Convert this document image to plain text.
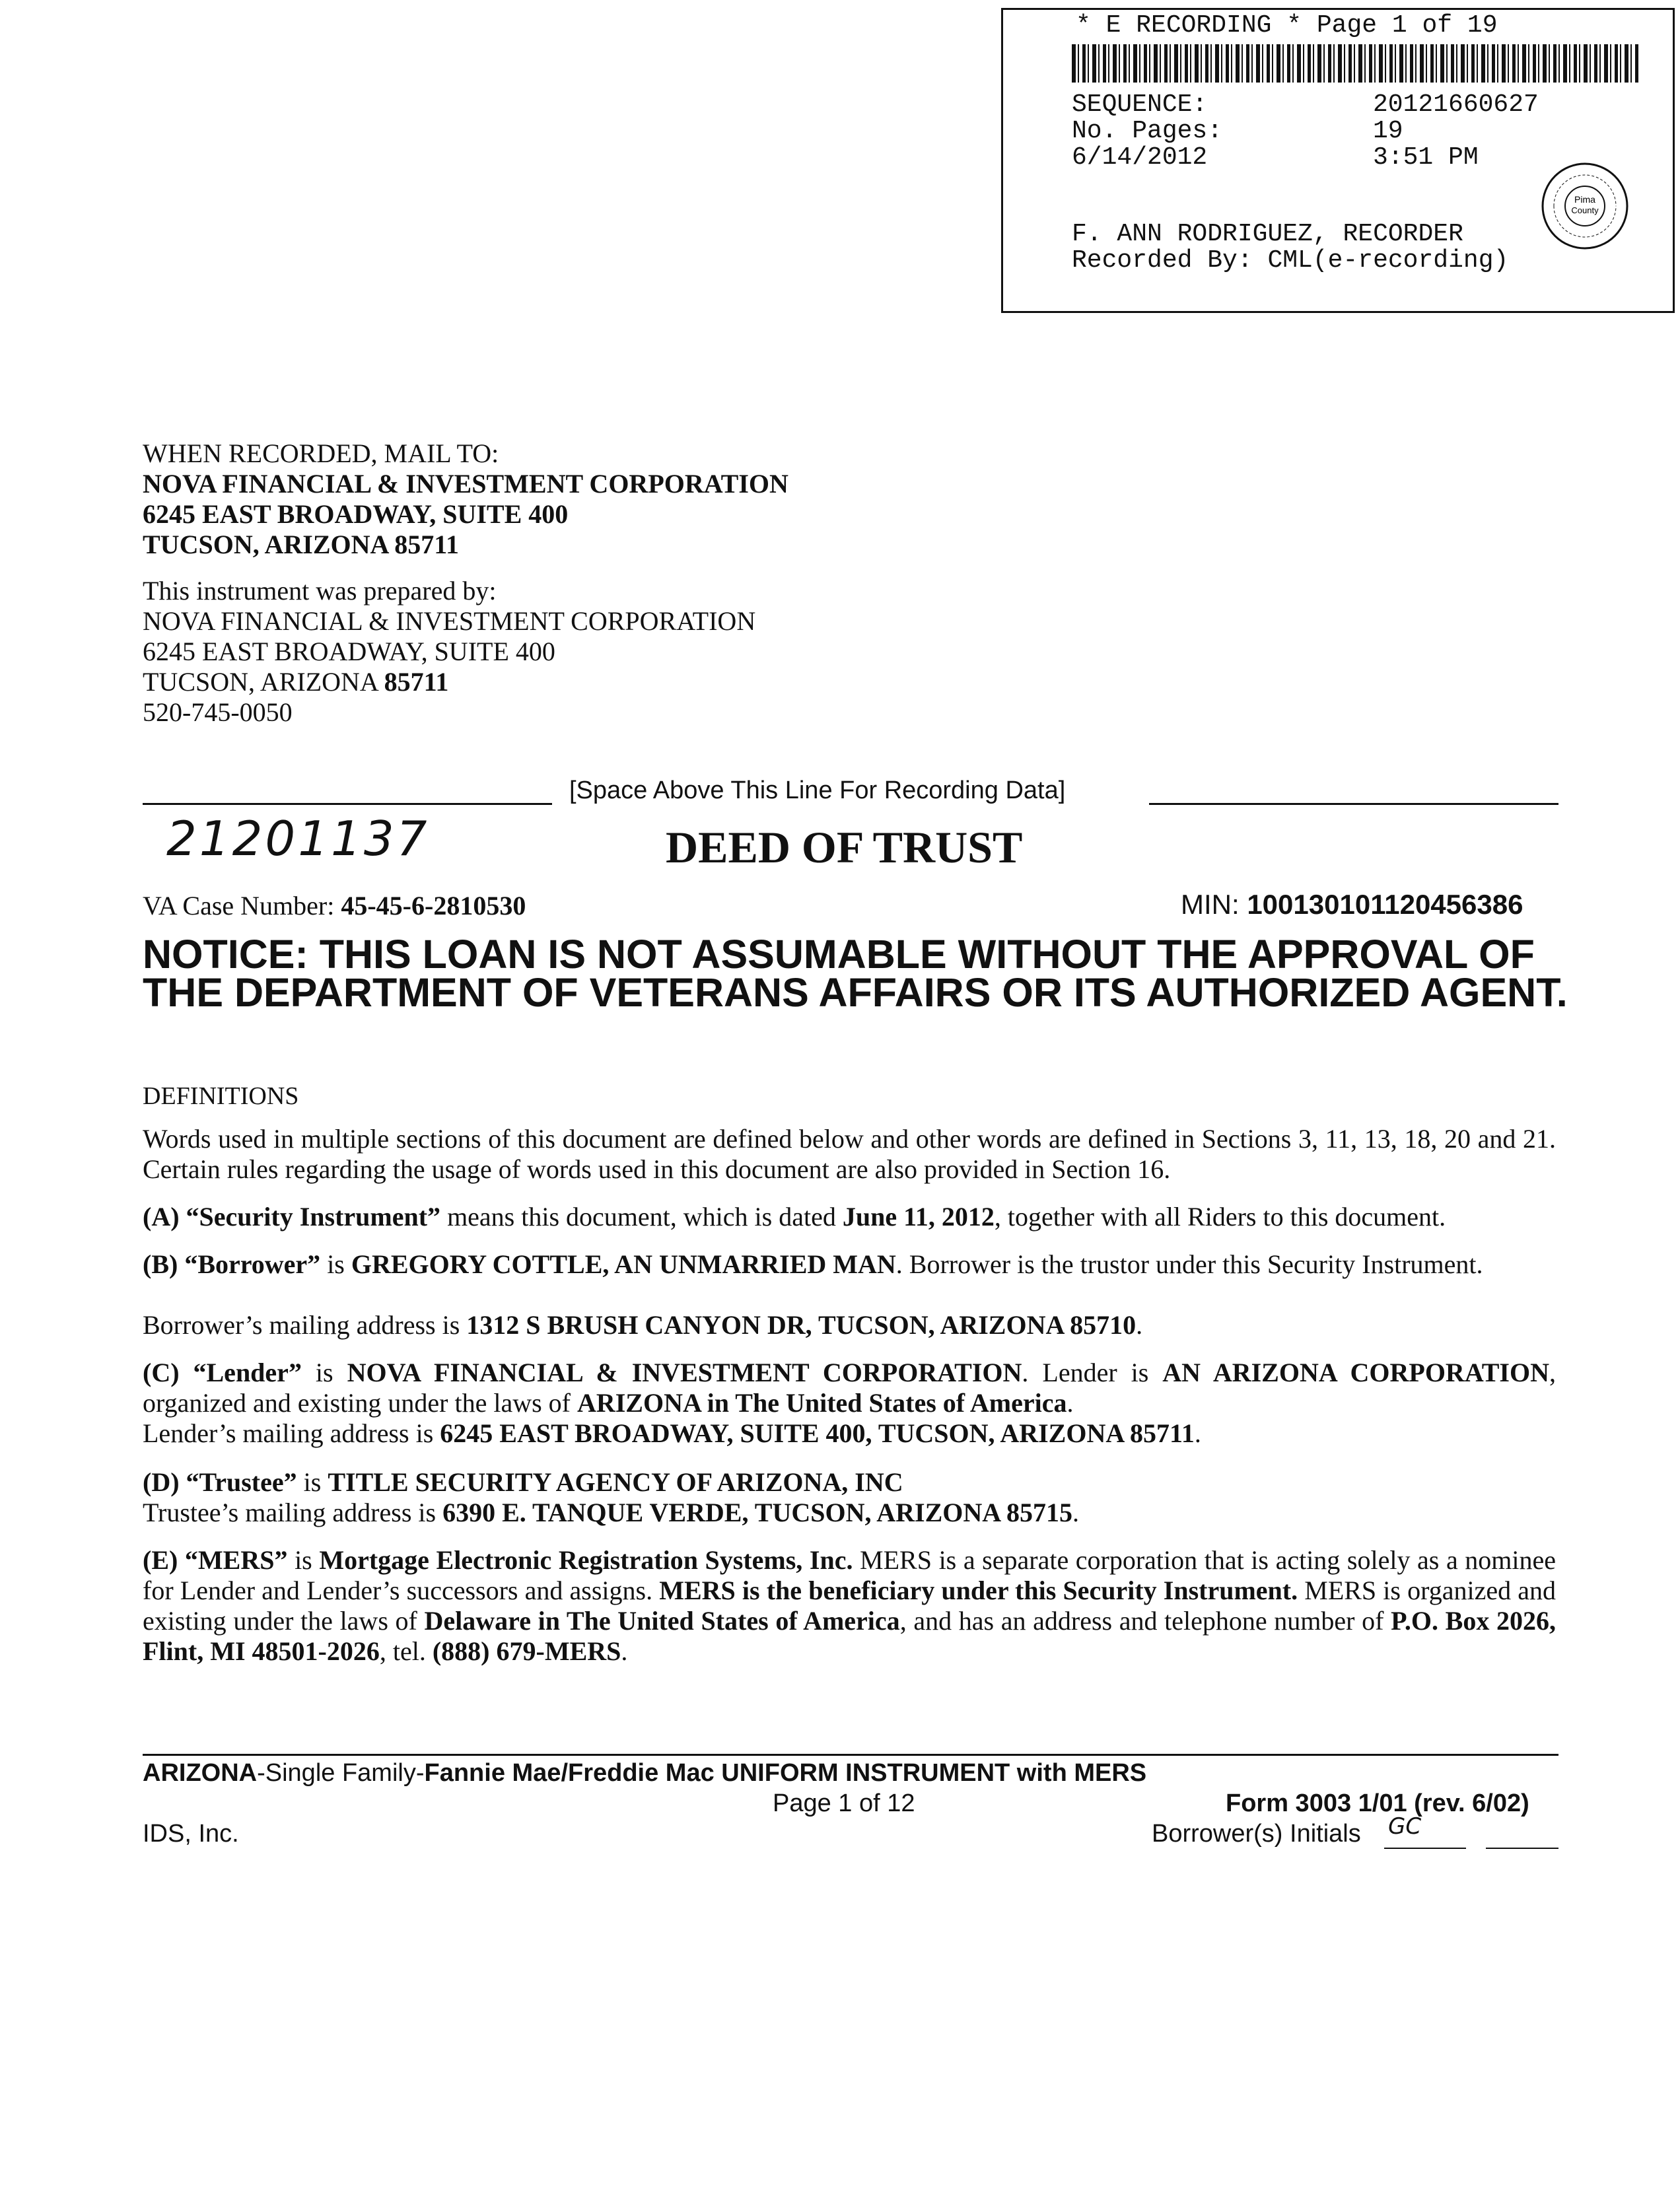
* E RECORDING * Page 1 of 19
SEQUENCE:	20121660627
No. Pages:	19
6/14/2012	3:51 PM
F. ANN RODRIGUEZ, RECORDER
Recorded By: CML(e-recording)
Pima
County
WHEN RECORDED, MAIL TO:
NOVA FINANCIAL & INVESTMENT CORPORATION
6245 EAST BROADWAY, SUITE 400
TUCSON, ARIZONA 85711
This instrument was prepared by:
NOVA FINANCIAL & INVESTMENT CORPORATION
6245 EAST BROADWAY, SUITE 400
TUCSON, ARIZONA 85711
520-745-0050
[Space Above This Line For Recording Data]
21201137	DEED OF TRUST
VA Case Number: 45-45-6-2810530	MIN: 100130101120456386
NOTICE: THIS LOAN IS NOT ASSUMABLE WITHOUT THE APPROVAL OF THE DEPARTMENT OF VETERANS AFFAIRS OR ITS AUTHORIZED AGENT.
DEFINITIONS
Words used in multiple sections of this document are defined below and other words are defined in Sections 3, 11, 13, 18, 20 and 21. Certain rules regarding the usage of words used in this document are also provided in Section 16.
(A) “Security Instrument” means this document, which is dated June 11, 2012, together with all Riders to this document.
(B) “Borrower” is GREGORY COTTLE, AN UNMARRIED MAN. Borrower is the trustor under this Security Instrument.
Borrower’s mailing address is 1312 S BRUSH CANYON DR, TUCSON, ARIZONA 85710.
(C) “Lender” is NOVA FINANCIAL & INVESTMENT CORPORATION. Lender is AN ARIZONA CORPORATION, organized and existing under the laws of ARIZONA in The United States of America.
Lender’s mailing address is 6245 EAST BROADWAY, SUITE 400, TUCSON, ARIZONA 85711.
(D) “Trustee” is TITLE SECURITY AGENCY OF ARIZONA, INC
Trustee’s mailing address is 6390 E. TANQUE VERDE, TUCSON, ARIZONA 85715.
(E) “MERS” is Mortgage Electronic Registration Systems, Inc. MERS is a separate corporation that is acting solely as a nominee for Lender and Lender’s successors and assigns. MERS is the beneficiary under this Security Instrument. MERS is organized and existing under the laws of Delaware in The United States of America, and has an address and telephone number of P.O. Box 2026, Flint, MI 48501-2026, tel. (888) 679-MERS.
ARIZONA-Single Family-Fannie Mae/Freddie Mac UNIFORM INSTRUMENT with MERS
Page 1 of 12	Form 3003 1/01 (rev. 6/02)
IDS, Inc.	Borrower(s) Initials GC
